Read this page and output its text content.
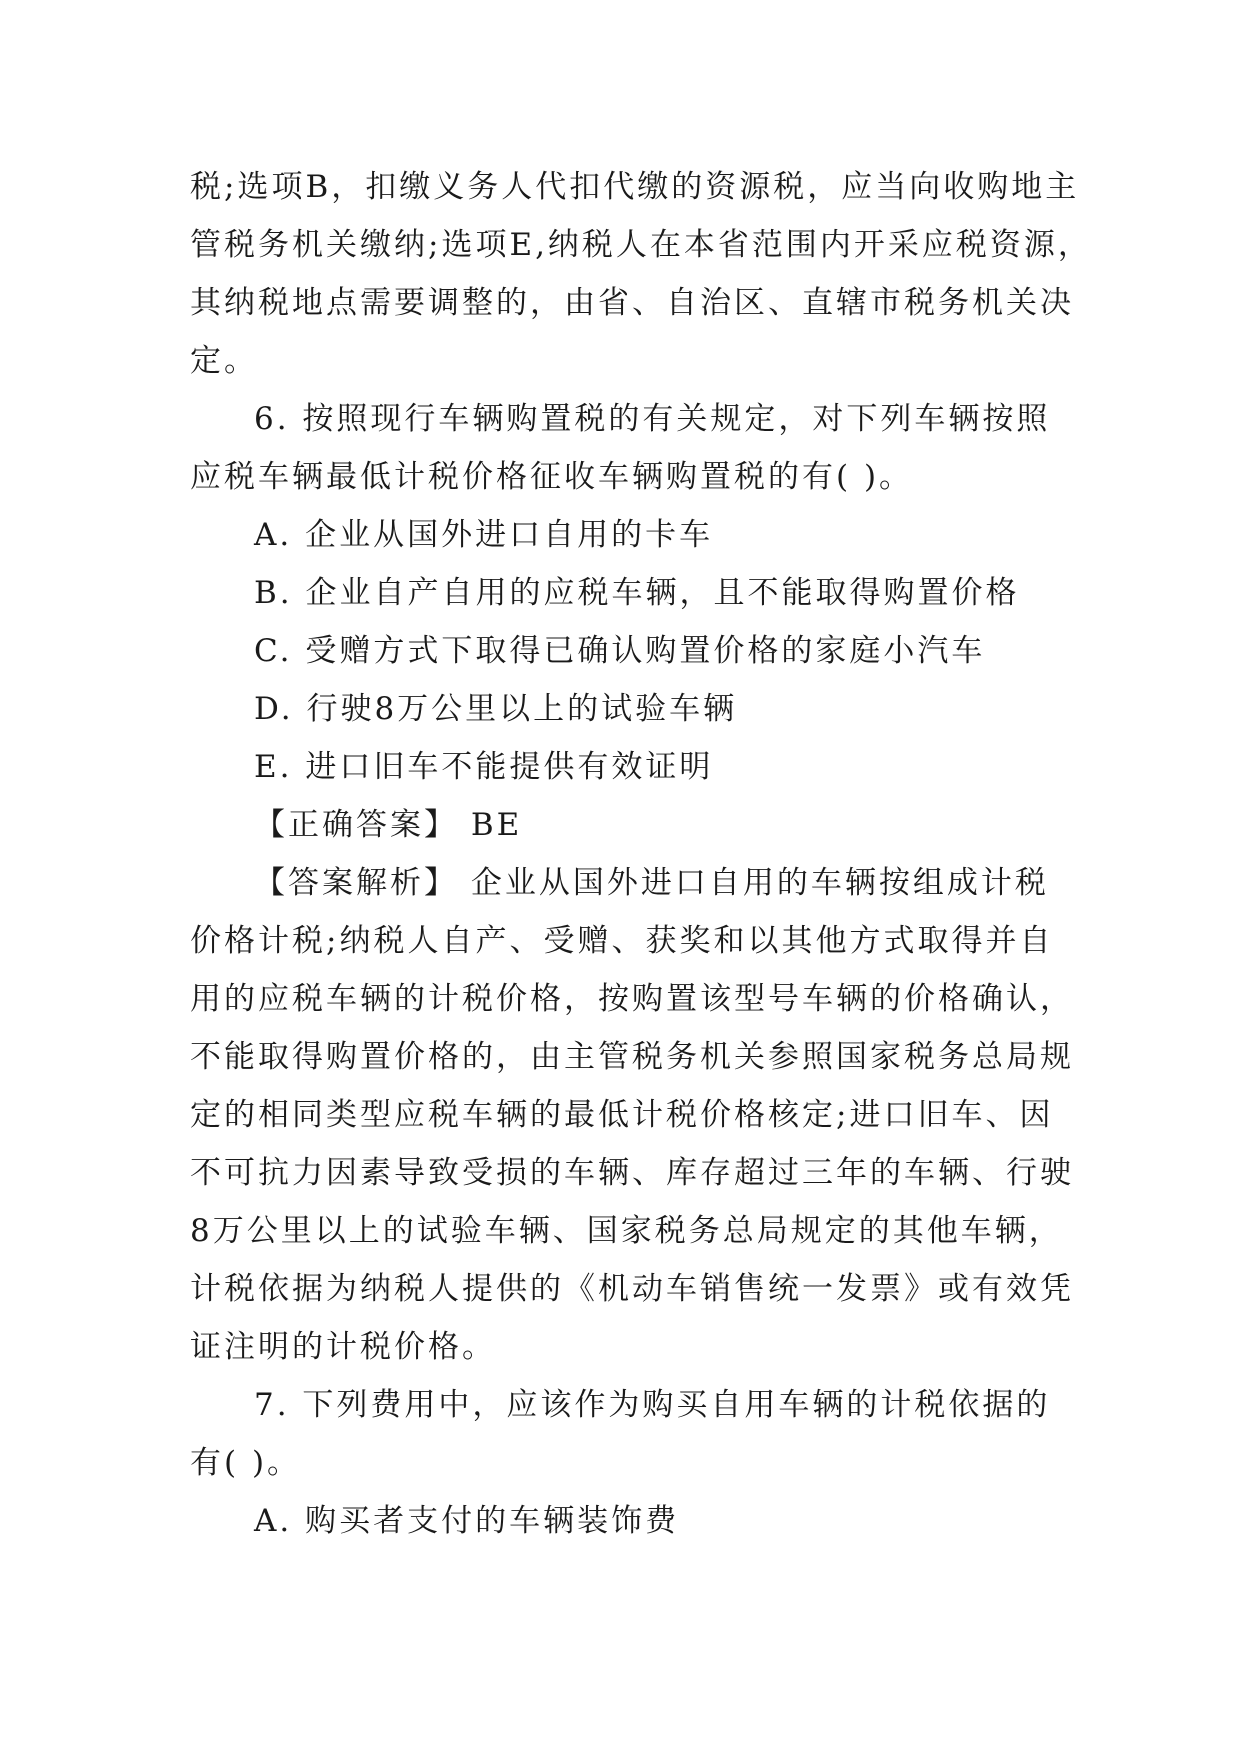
税;选项B，扣缴义务人代扣代缴的资源税，应当向收购地主
管税务机关缴纳;选项E,纳税人在本省范围内开采应税资源，
其纳税地点需要调整的，由省、自治区、直辖市税务机关决
定。
6. 按照现行车辆购置税的有关规定，对下列车辆按照
应税车辆最低计税价格征收车辆购置税的有( )。
A. 企业从国外进口自用的卡车
B. 企业自产自用的应税车辆，且不能取得购置价格
C. 受赠方式下取得已确认购置价格的家庭小汽车
D. 行驶8万公里以上的试验车辆
E. 进口旧车不能提供有效证明
【正确答案】 BE
【答案解析】 企业从国外进口自用的车辆按组成计税
价格计税;纳税人自产、受赠、获奖和以其他方式取得并自
用的应税车辆的计税价格，按购置该型号车辆的价格确认，
不能取得购置价格的，由主管税务机关参照国家税务总局规
定的相同类型应税车辆的最低计税价格核定;进口旧车、因
不可抗力因素导致受损的车辆、库存超过三年的车辆、行驶
8万公里以上的试验车辆、国家税务总局规定的其他车辆，
计税依据为纳税人提供的《机动车销售统一发票》或有效凭
证注明的计税价格。
7. 下列费用中，应该作为购买自用车辆的计税依据的
有( )。
A. 购买者支付的车辆装饰费
